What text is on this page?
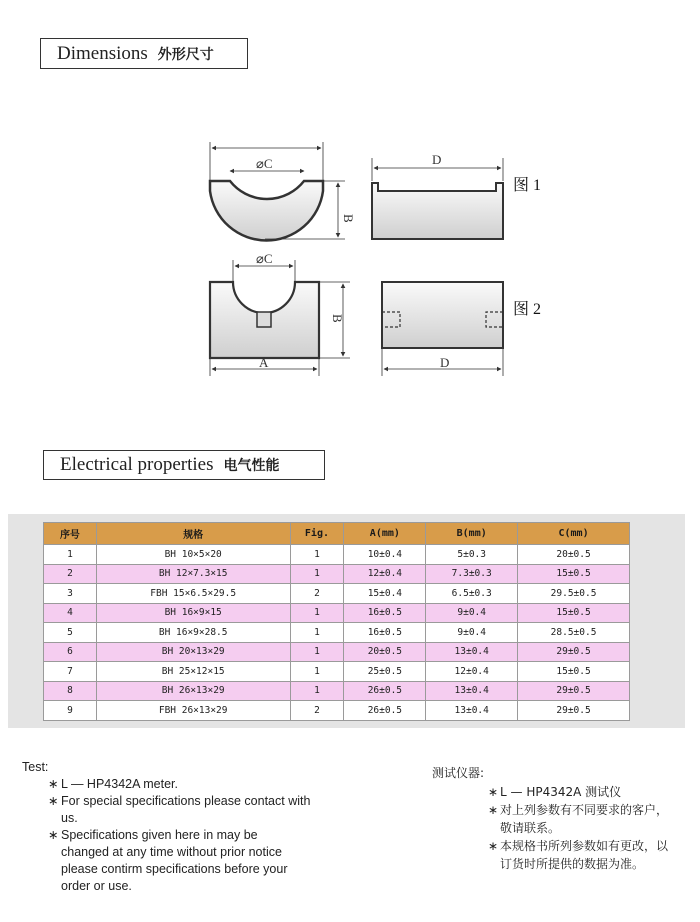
Dimensions 外形尺寸
⌀C
B
D
⌀C
B
A	D
图 1
图 2
Electrical properties 电气性能
序号	规格	Fig.	A(mm)	B(mm)	C(mm)
1	BH 10×5×20	1	10±0.4	5±0.3	20±0.5
2	BH 12×7.3×15	1	12±0.4	7.3±0.3	15±0.5
3	FBH 15×6.5×29.5	2	15±0.4	6.5±0.3	29.5±0.5
4	BH 16×9×15	1	16±0.5	9±0.4	15±0.5
5	BH 16×9×28.5	1	16±0.5	9±0.4	28.5±0.5
6	BH 20×13×29	1	20±0.5	13±0.4	29±0.5
7	BH 25×12×15	1	25±0.5	12±0.4	15±0.5
8	BH 26×13×29	1	26±0.5	13±0.4	29±0.5
9	FBH 26×13×29	2	26±0.5	13±0.4	29±0.5
Test:
∗ L — HP4342A meter.
∗ For special specifications please contact with us.
∗ Specifications given here in may be changed at any time without prior notice please contirm specifications before your order or use.
测试仪器:
∗ L — HP4342A 测试仪
∗ 对上列参数有不同要求的客户，敬请联系。
∗ 本规格书所列参数如有更改，以订货时所提供的数据为准。
